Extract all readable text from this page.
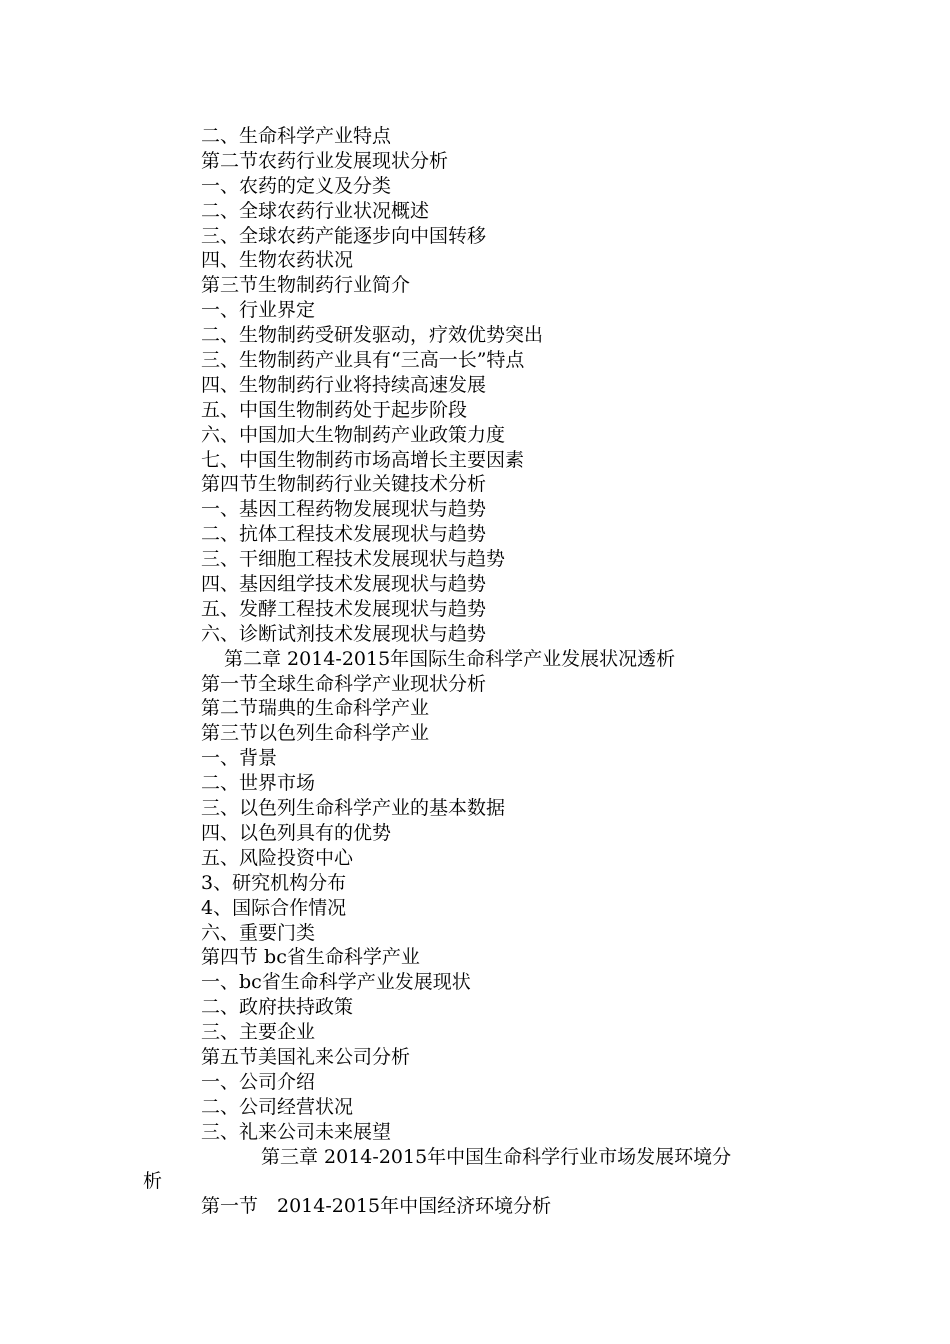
二、生命科学产业特点
第二节农药行业发展现状分析
一、农药的定义及分类
二、全球农药行业状况概述
三、全球农药产能逐步向中国转移
四、生物农药状况
第三节生物制药行业简介
一、行业界定
二、生物制药受研发驱动，疗效优势突出
三、生物制药产业具有“三高一长”特点
四、生物制药行业将持续高速发展
五、中国生物制药处于起步阶段
六、中国加大生物制药产业政策力度
七、中国生物制药市场高增长主要因素
第四节生物制药行业关键技术分析
一、基因工程药物发展现状与趋势
二、抗体工程技术发展现状与趋势
三、干细胞工程技术发展现状与趋势
四、基因组学技术发展现状与趋势
五、发酵工程技术发展现状与趋势
六、诊断试剂技术发展现状与趋势
第二章 2014-2015年国际生命科学产业发展状况透析
第一节全球生命科学产业现状分析
第二节瑞典的生命科学产业
第三节以色列生命科学产业
一、背景
二、世界市场
三、以色列生命科学产业的基本数据
四、以色列具有的优势
五、风险投资中心
3、研究机构分布
4、国际合作情况
六、重要门类
第四节 bc省生命科学产业
一、bc省生命科学产业发展现状
二、政府扶持政策
三、主要企业
第五节美国礼来公司分析
一、公司介绍
二、公司经营状况
三、礼来公司未来展望
第三章 2014-2015年中国生命科学行业市场发展环境分
析
第一节　2014-2015年中国经济环境分析
